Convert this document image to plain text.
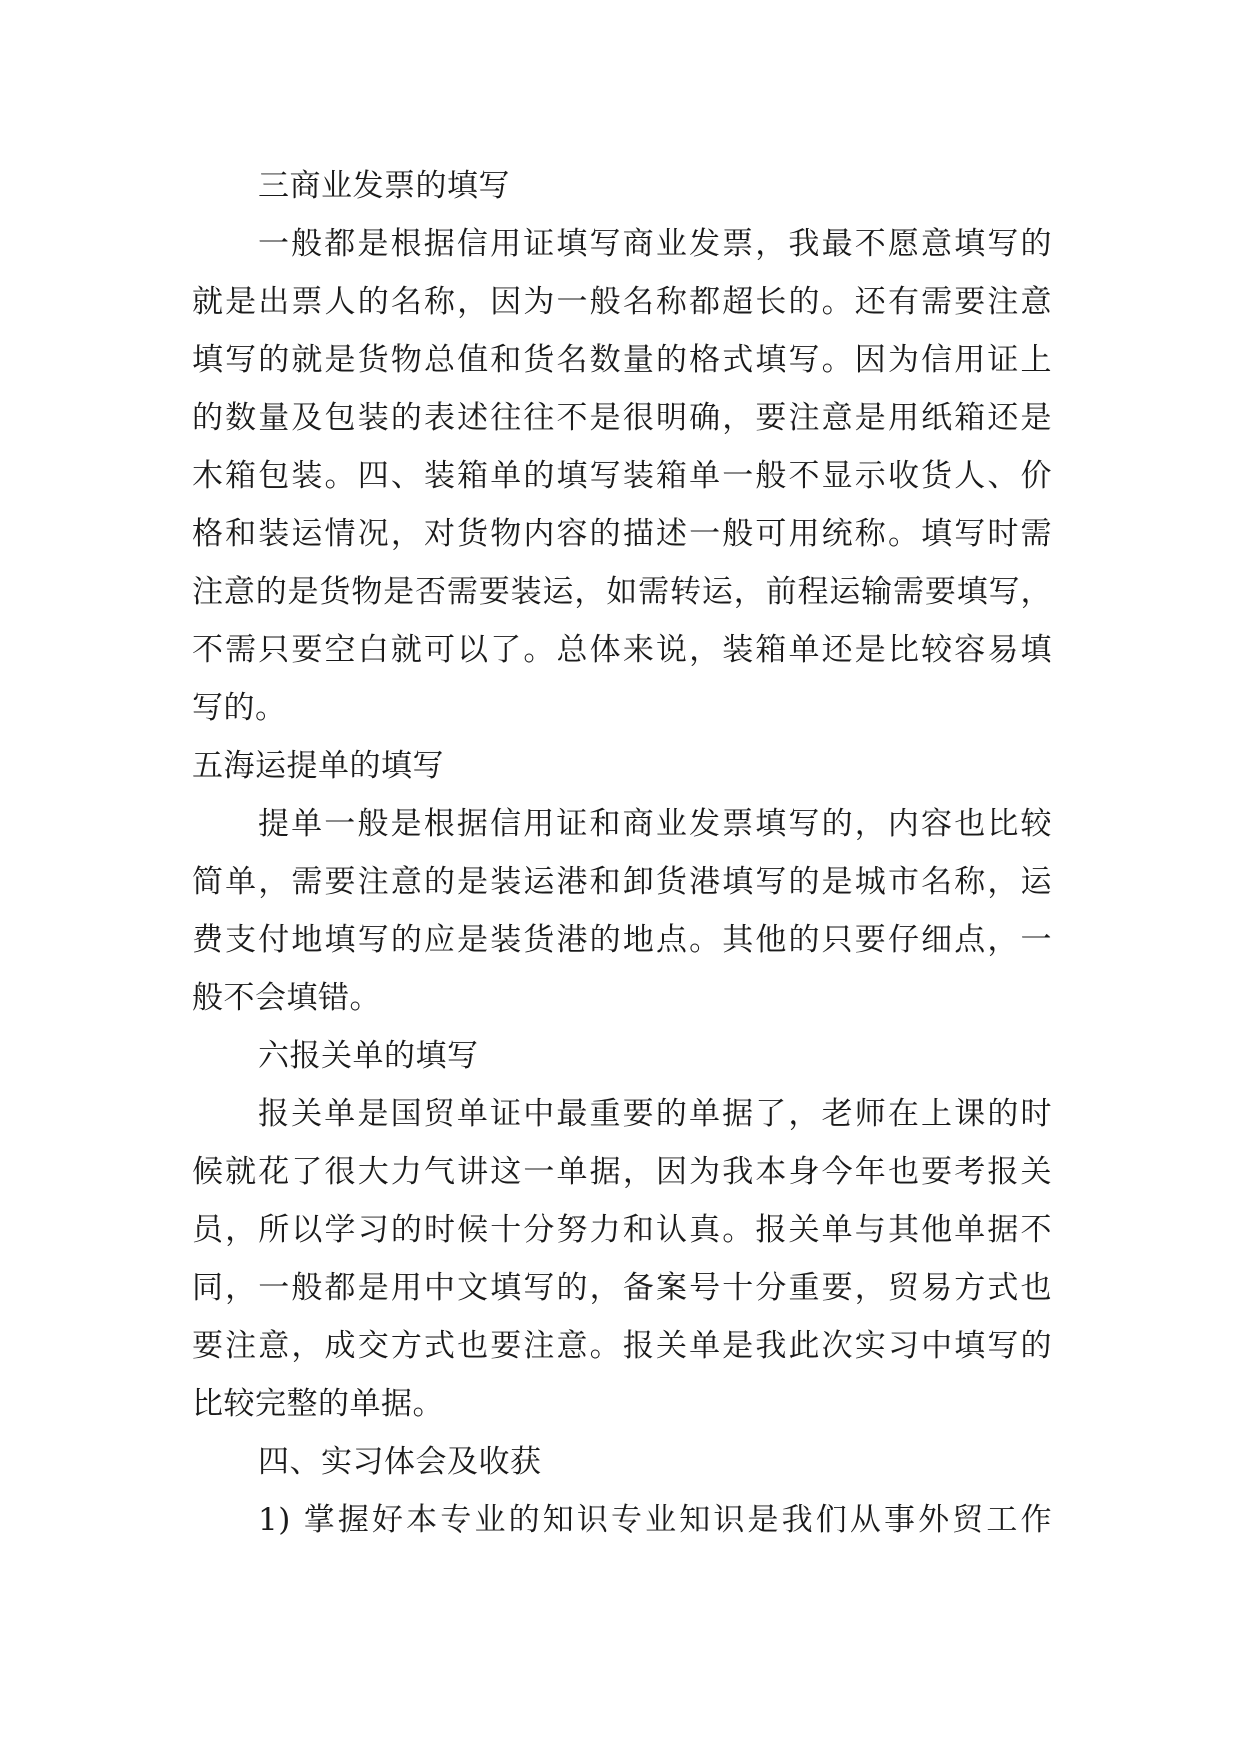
三商业发票的填写
一般都是根据信用证填写商业发票，我最不愿意填写的
就是出票人的名称，因为一般名称都超长的。还有需要注意
填写的就是货物总值和货名数量的格式填写。因为信用证上
的数量及包装的表述往往不是很明确，要注意是用纸箱还是
木箱包装。四、装箱单的填写装箱单一般不显示收货人、价
格和装运情况，对货物内容的描述一般可用统称。填写时需
注意的是货物是否需要装运，如需转运，前程运输需要填写，
不需只要空白就可以了。总体来说，装箱单还是比较容易填
写的。
五海运提单的填写
提单一般是根据信用证和商业发票填写的，内容也比较
简单，需要注意的是装运港和卸货港填写的是城市名称，运
费支付地填写的应是装货港的地点。其他的只要仔细点，一
般不会填错。
六报关单的填写
报关单是国贸单证中最重要的单据了，老师在上课的时
候就花了很大力气讲这一单据，因为我本身今年也要考报关
员，所以学习的时候十分努力和认真。报关单与其他单据不
同，一般都是用中文填写的，备案号十分重要，贸易方式也
要注意，成交方式也要注意。报关单是我此次实习中填写的
比较完整的单据。
四、实习体会及收获
1) 掌握好本专业的知识专业知识是我们从事外贸工作
